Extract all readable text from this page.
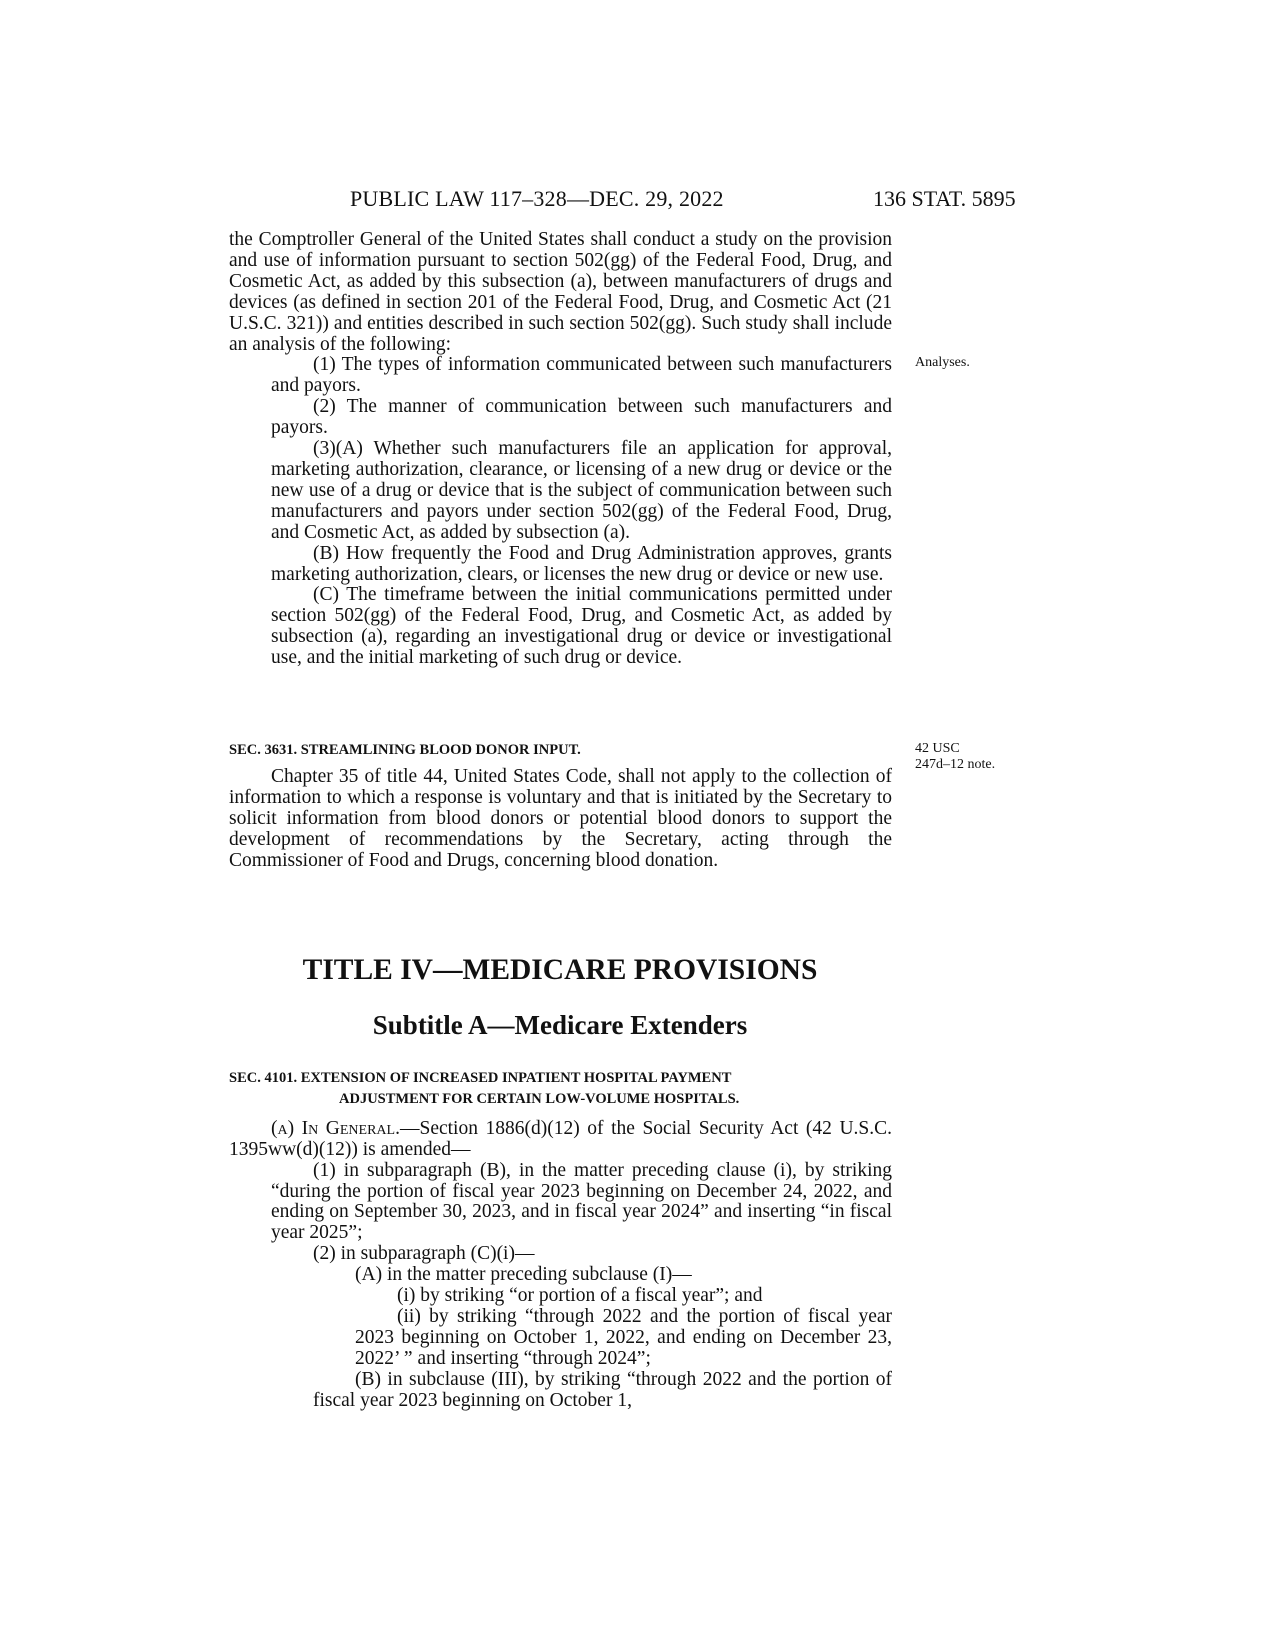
PUBLIC LAW 117–328—DEC. 29, 2022	136 STAT. 5895

the Comptroller General of the United States shall conduct a study on the provision and use of information pursuant to section 502(gg) of the Federal Food, Drug, and Cosmetic Act, as added by this subsection (a), between manufacturers of drugs and devices (as defined in section 201 of the Federal Food, Drug, and Cosmetic Act (21 U.S.C. 321)) and entities described in such section 502(gg). Such study shall include an analysis of the following:

(1) The types of information communicated between such manufacturers and payors.

(2) The manner of communication between such manufacturers and payors.

(3)(A) Whether such manufacturers file an application for approval, marketing authorization, clearance, or licensing of a new drug or device or the new use of a drug or device that is the subject of communication between such manufacturers and payors under section 502(gg) of the Federal Food, Drug, and Cosmetic Act, as added by subsection (a).

(B) How frequently the Food and Drug Administration approves, grants marketing authorization, clears, or licenses the new drug or device or new use.

(C) The timeframe between the initial communications permitted under section 502(gg) of the Federal Food, Drug, and Cosmetic Act, as added by subsection (a), regarding an investigational drug or device or investigational use, and the initial marketing of such drug or device.

Analyses.

SEC. 3631. STREAMLINING BLOOD DONOR INPUT.

Chapter 35 of title 44, United States Code, shall not apply to the collection of information to which a response is voluntary and that is initiated by the Secretary to solicit information from blood donors or potential blood donors to support the development of recommendations by the Secretary, acting through the Commissioner of Food and Drugs, concerning blood donation.

42 USC
247d–12 note.
TITLE IV—MEDICARE PROVISIONS
Subtitle A—Medicare Extenders

SEC. 4101. EXTENSION OF INCREASED INPATIENT HOSPITAL PAYMENT

ADJUSTMENT FOR CERTAIN LOW-VOLUME HOSPITALS.

(a) In General.—Section 1886(d)(12) of the Social Security Act (42 U.S.C. 1395ww(d)(12)) is amended—

(1) in subparagraph (B), in the matter preceding clause (i), by striking “during the portion of fiscal year 2023 beginning on December 24, 2022, and ending on September 30, 2023, and in fiscal year 2024” and inserting “in fiscal year 2025”;

(2) in subparagraph (C)(i)—

(A) in the matter preceding subclause (I)—

(i) by striking “or portion of a fiscal year”; and

(ii) by striking “through 2022 and the portion of fiscal year 2023 beginning on October 1, 2022, and ending on December 23, 2022’ ” and inserting “through 2024”;

(B) in subclause (III), by striking “through 2022 and the portion of fiscal year 2023 beginning on October 1,
